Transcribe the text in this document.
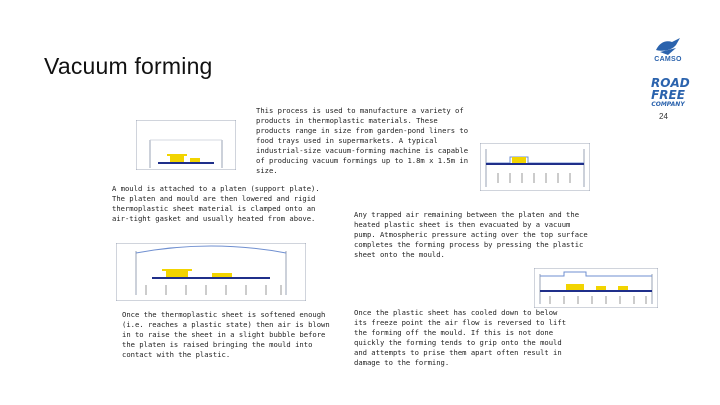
Vacuum forming	CAMSO
ROAD
FREE
COMPANY
24
This process is used to manufacture a variety of products in thermoplastic materials. These products range in size from garden-pond liners to food trays used in supermarkets. A typical industrial-size vacuum-forming machine is capable of producing vacuum formings up to 1.8m x 1.5m in size.
A mould is attached to a platen (support plate). The platen and mould are then lowered and rigid thermoplastic sheet material is clamped onto an air-tight gasket and usually heated from above.	Any trapped air remaining between the platen and the heated plastic sheet is then evacuated by a vacuum pump. Atmospheric pressure acting over the top surface completes the forming process by pressing the plastic sheet onto the mould.
Once the thermoplastic sheet is softened enough (i.e. reaches a plastic state) then air is blown in to raise the sheet in a slight bubble before the platen is raised bringing the mould into contact with the plastic.
Once the plastic sheet has cooled down to below its freeze point the air flow is reversed to lift the forming off the mould. If this is not done quickly the forming tends to grip onto the mould and attempts to prise them apart often result in damage to the forming.
